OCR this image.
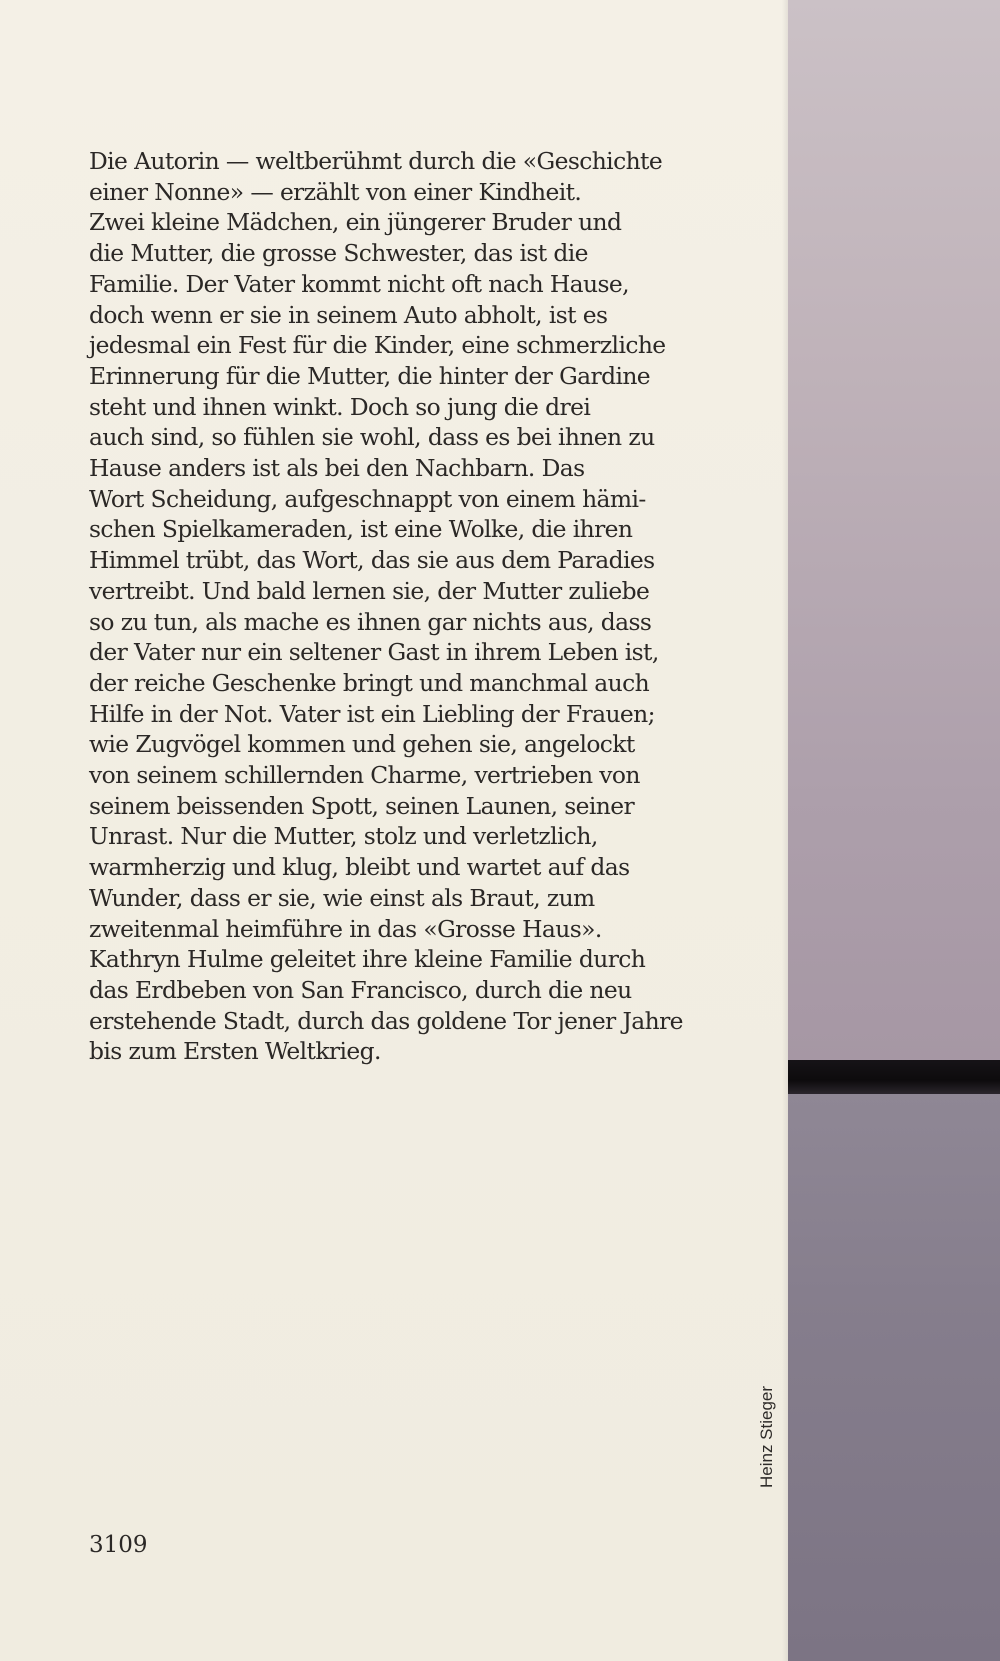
Die Autorin — weltberühmt durch die «Geschichte
einer Nonne» — erzählt von einer Kindheit.
Zwei kleine Mädchen, ein jüngerer Bruder und
die Mutter, die grosse Schwester, das ist die
Familie. Der Vater kommt nicht oft nach Hause,
doch wenn er sie in seinem Auto abholt, ist es
jedesmal ein Fest für die Kinder, eine schmerzliche
Erinnerung für die Mutter, die hinter der Gardine
steht und ihnen winkt. Doch so jung die drei
auch sind, so fühlen sie wohl, dass es bei ihnen zu
Hause anders ist als bei den Nachbarn. Das
Wort Scheidung, aufgeschnappt von einem hämi-
schen Spielkameraden, ist eine Wolke, die ihren
Himmel trübt, das Wort, das sie aus dem Paradies
vertreibt. Und bald lernen sie, der Mutter zuliebe
so zu tun, als mache es ihnen gar nichts aus, dass
der Vater nur ein seltener Gast in ihrem Leben ist,
der reiche Geschenke bringt und manchmal auch
Hilfe in der Not. Vater ist ein Liebling der Frauen;
wie Zugvögel kommen und gehen sie, angelockt
von seinem schillernden Charme, vertrieben von
seinem beissenden Spott, seinen Launen, seiner
Unrast. Nur die Mutter, stolz und verletzlich,
warmherzig und klug, bleibt und wartet auf das
Wunder, dass er sie, wie einst als Braut, zum
zweitenmal heimführe in das «Grosse Haus».
Kathryn Hulme geleitet ihre kleine Familie durch
das Erdbeben von San Francisco, durch die neu
erstehende Stadt, durch das goldene Tor jener Jahre
bis zum Ersten Weltkrieg.
3109
Heinz Stieger
